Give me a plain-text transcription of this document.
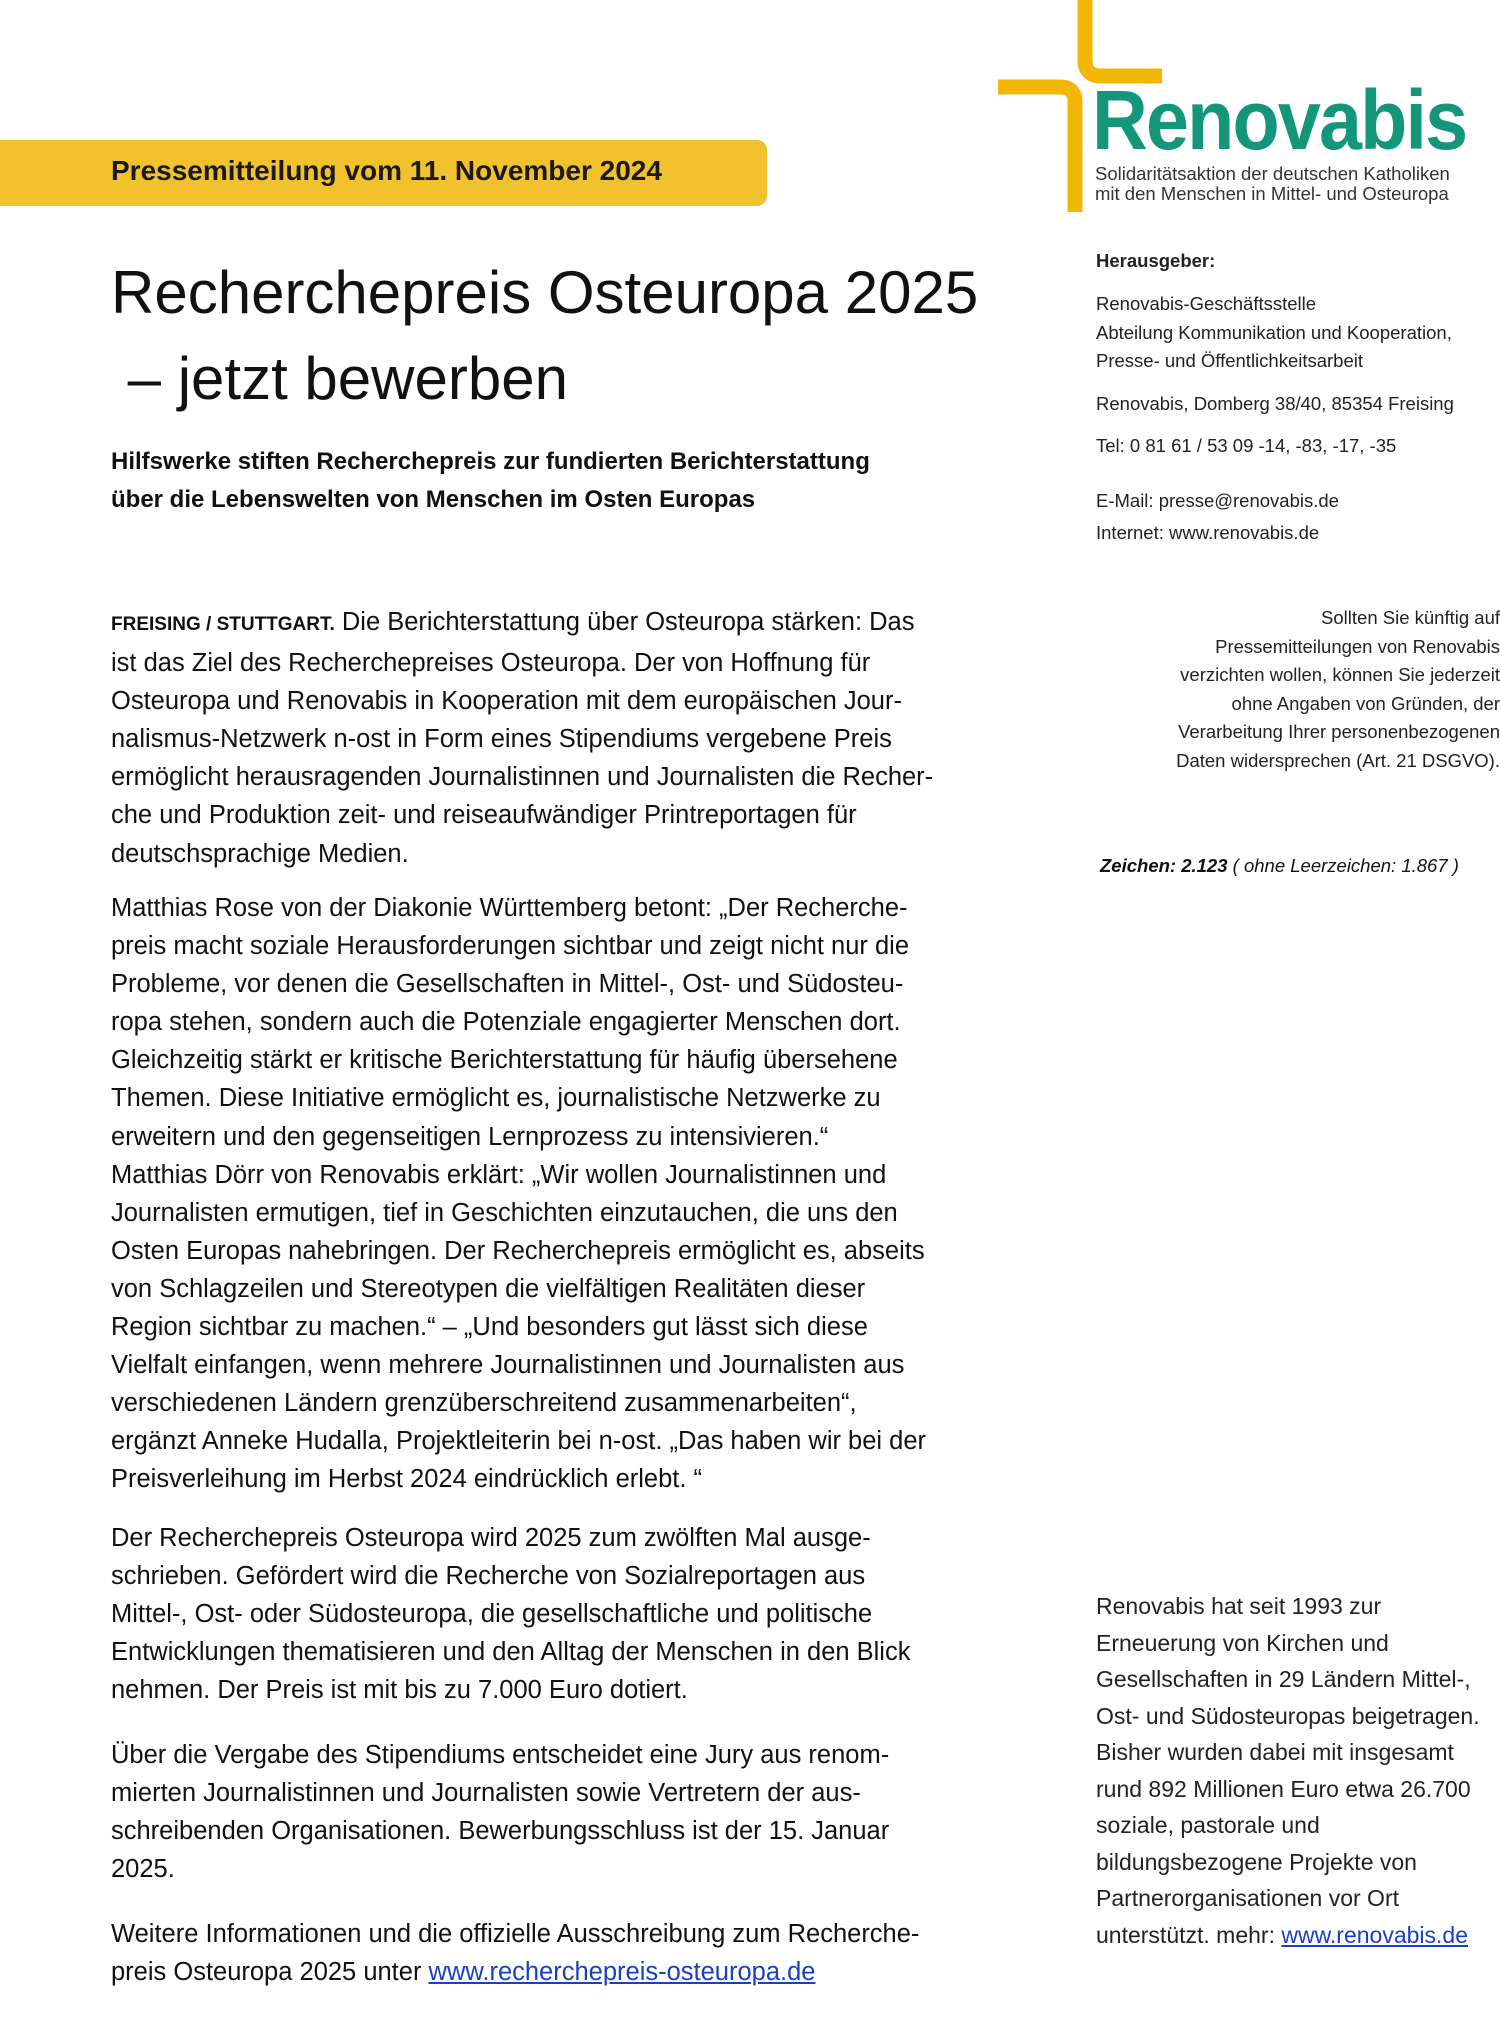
Pressemitteilung vom 11. November 2024
Renovabis
Solidaritätsaktion der deutschen Katholiken
mit den Menschen in Mittel- und Osteuropa
Recherchepreis Osteuropa 2025
– jetzt bewerben
Hilfswerke stiften Recherchepreis zur fundierten Berichterstattung
über die Lebenswelten von Menschen im Osten Europas
FREISING / STUTTGART. Die Berichterstattung über Osteuropa stärken: Das
ist das Ziel des Recherchepreises Osteuropa. Der von Hoffnung für
Osteuropa und Renovabis in Kooperation mit dem europäischen Jour-
nalismus-Netzwerk n-ost in Form eines Stipendiums vergebene Preis
ermöglicht herausragenden Journalistinnen und Journalisten die Recher-
che und Produktion zeit- und reiseaufwändiger Printreportagen für
deutschsprachige Medien.
Matthias Rose von der Diakonie Württemberg betont: „Der Recherche-
preis macht soziale Herausforderungen sichtbar und zeigt nicht nur die
Probleme, vor denen die Gesellschaften in Mittel-, Ost- und Südosteu-
ropa stehen, sondern auch die Potenziale engagierter Menschen dort.
Gleichzeitig stärkt er kritische Berichterstattung für häufig übersehene
Themen. Diese Initiative ermöglicht es, journalistische Netzwerke zu
erweitern und den gegenseitigen Lernprozess zu intensivieren.“
Matthias Dörr von Renovabis erklärt: „Wir wollen Journalistinnen und
Journalisten ermutigen, tief in Geschichten einzutauchen, die uns den
Osten Europas nahebringen. Der Recherchepreis ermöglicht es, abseits
von Schlagzeilen und Stereotypen die vielfältigen Realitäten dieser
Region sichtbar zu machen.“ – „Und besonders gut lässt sich diese
Vielfalt einfangen, wenn mehrere Journalistinnen und Journalisten aus
verschiedenen Ländern grenzüberschreitend zusammenarbeiten“,
ergänzt Anneke Hudalla, Projektleiterin bei n-ost. „Das haben wir bei der
Preisverleihung im Herbst 2024 eindrücklich erlebt. “
Der Recherchepreis Osteuropa wird 2025 zum zwölften Mal ausge-
schrieben. Gefördert wird die Recherche von Sozialreportagen aus
Mittel-, Ost- oder Südosteuropa, die gesellschaftliche und politische
Entwicklungen thematisieren und den Alltag der Menschen in den Blick
nehmen. Der Preis ist mit bis zu 7.000 Euro dotiert.
Über die Vergabe des Stipendiums entscheidet eine Jury aus renom-
mierten Journalistinnen und Journalisten sowie Vertretern der aus-
schreibenden Organisationen. Bewerbungsschluss ist der 15. Januar
2025.
Weitere Informationen und die offizielle Ausschreibung zum Recherche-
preis Osteuropa 2025 unter www.recherchepreis-osteuropa.de
Herausgeber:
Renovabis-Geschäftsstelle
Abteilung Kommunikation und Kooperation,
Presse- und Öffentlichkeitsarbeit
Renovabis, Domberg 38/40, 85354 Freising
Tel: 0 81 61 / 53 09 -14, -83, -17, -35
E-Mail: presse@renovabis.de
Internet: www.renovabis.de
Sollten Sie künftig auf
Pressemitteilungen von Renovabis
verzichten wollen, können Sie jederzeit
ohne Angaben von Gründen, der
Verarbeitung Ihrer personenbezogenen
Daten widersprechen (Art. 21 DSGVO).
Zeichen: 2.123 ( ohne Leerzeichen: 1.867 )
Renovabis hat seit 1993 zur
Erneuerung von Kirchen und
Gesellschaften in 29 Ländern Mittel-,
Ost- und Südosteuropas beigetragen.
Bisher wurden dabei mit insgesamt
rund 892 Millionen Euro etwa 26.700
soziale, pastorale und
bildungsbezogene Projekte von
Partnerorganisationen vor Ort
unterstützt. mehr: www.renovabis.de
